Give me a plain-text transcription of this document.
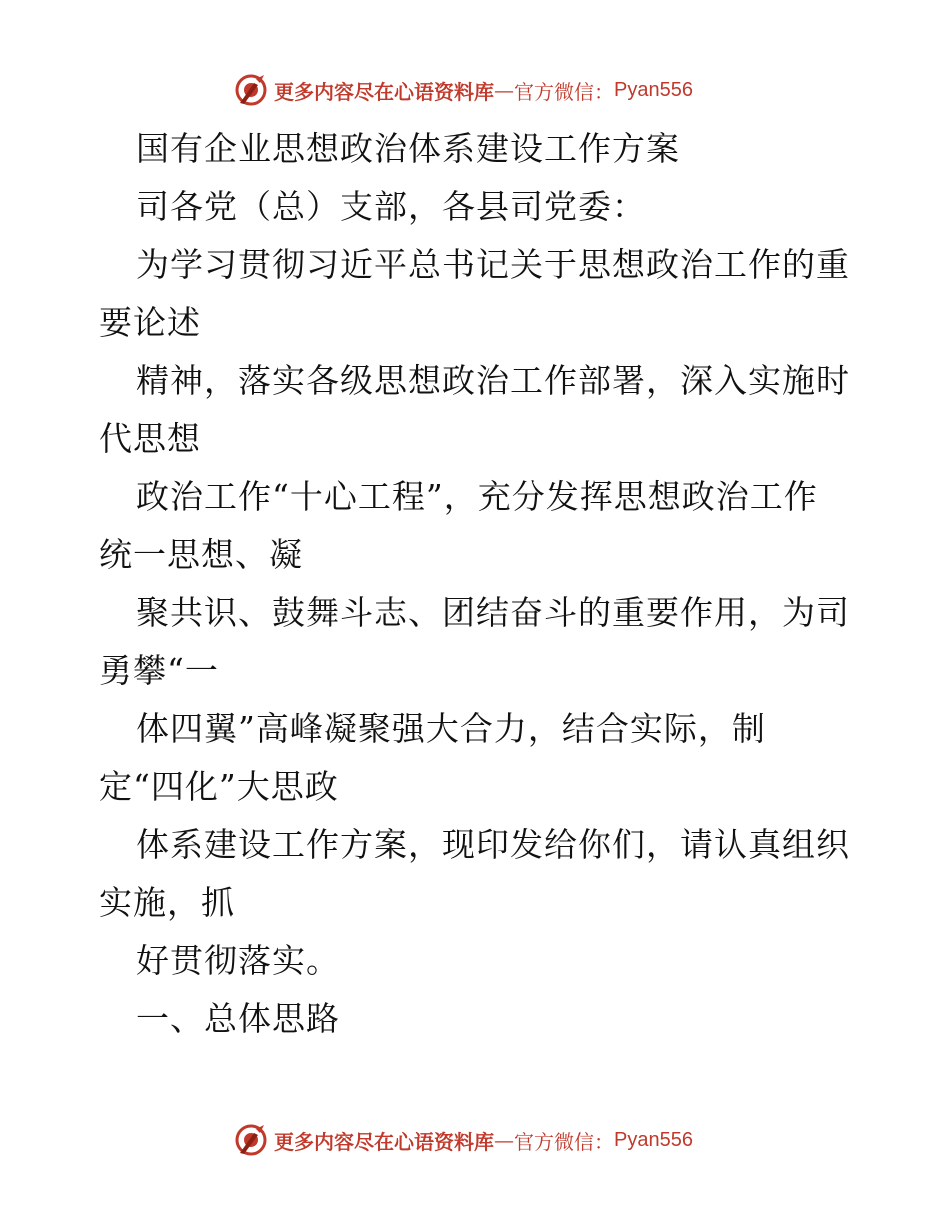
更多内容尽在心语资料库 — 官方微信： Pyan556
国有企业思想政治体系建设工作方案
司各党（总）支部，各县司党委：
为学习贯彻习近平总书记关于思想政治工作的重
要论述
精神，落实各级思想政治工作部署，深入实施时
代思想
政治工作“十心工程”，充分发挥思想政治工作
统一思想、凝
聚共识、鼓舞斗志、团结奋斗的重要作用，为司
勇攀“一
体四翼”高峰凝聚强大合力，结合实际，制
定“四化”大思政
体系建设工作方案，现印发给你们，请认真组织
实施，抓
好贯彻落实。
一、总体思路
更多内容尽在心语资料库 — 官方微信： Pyan556
